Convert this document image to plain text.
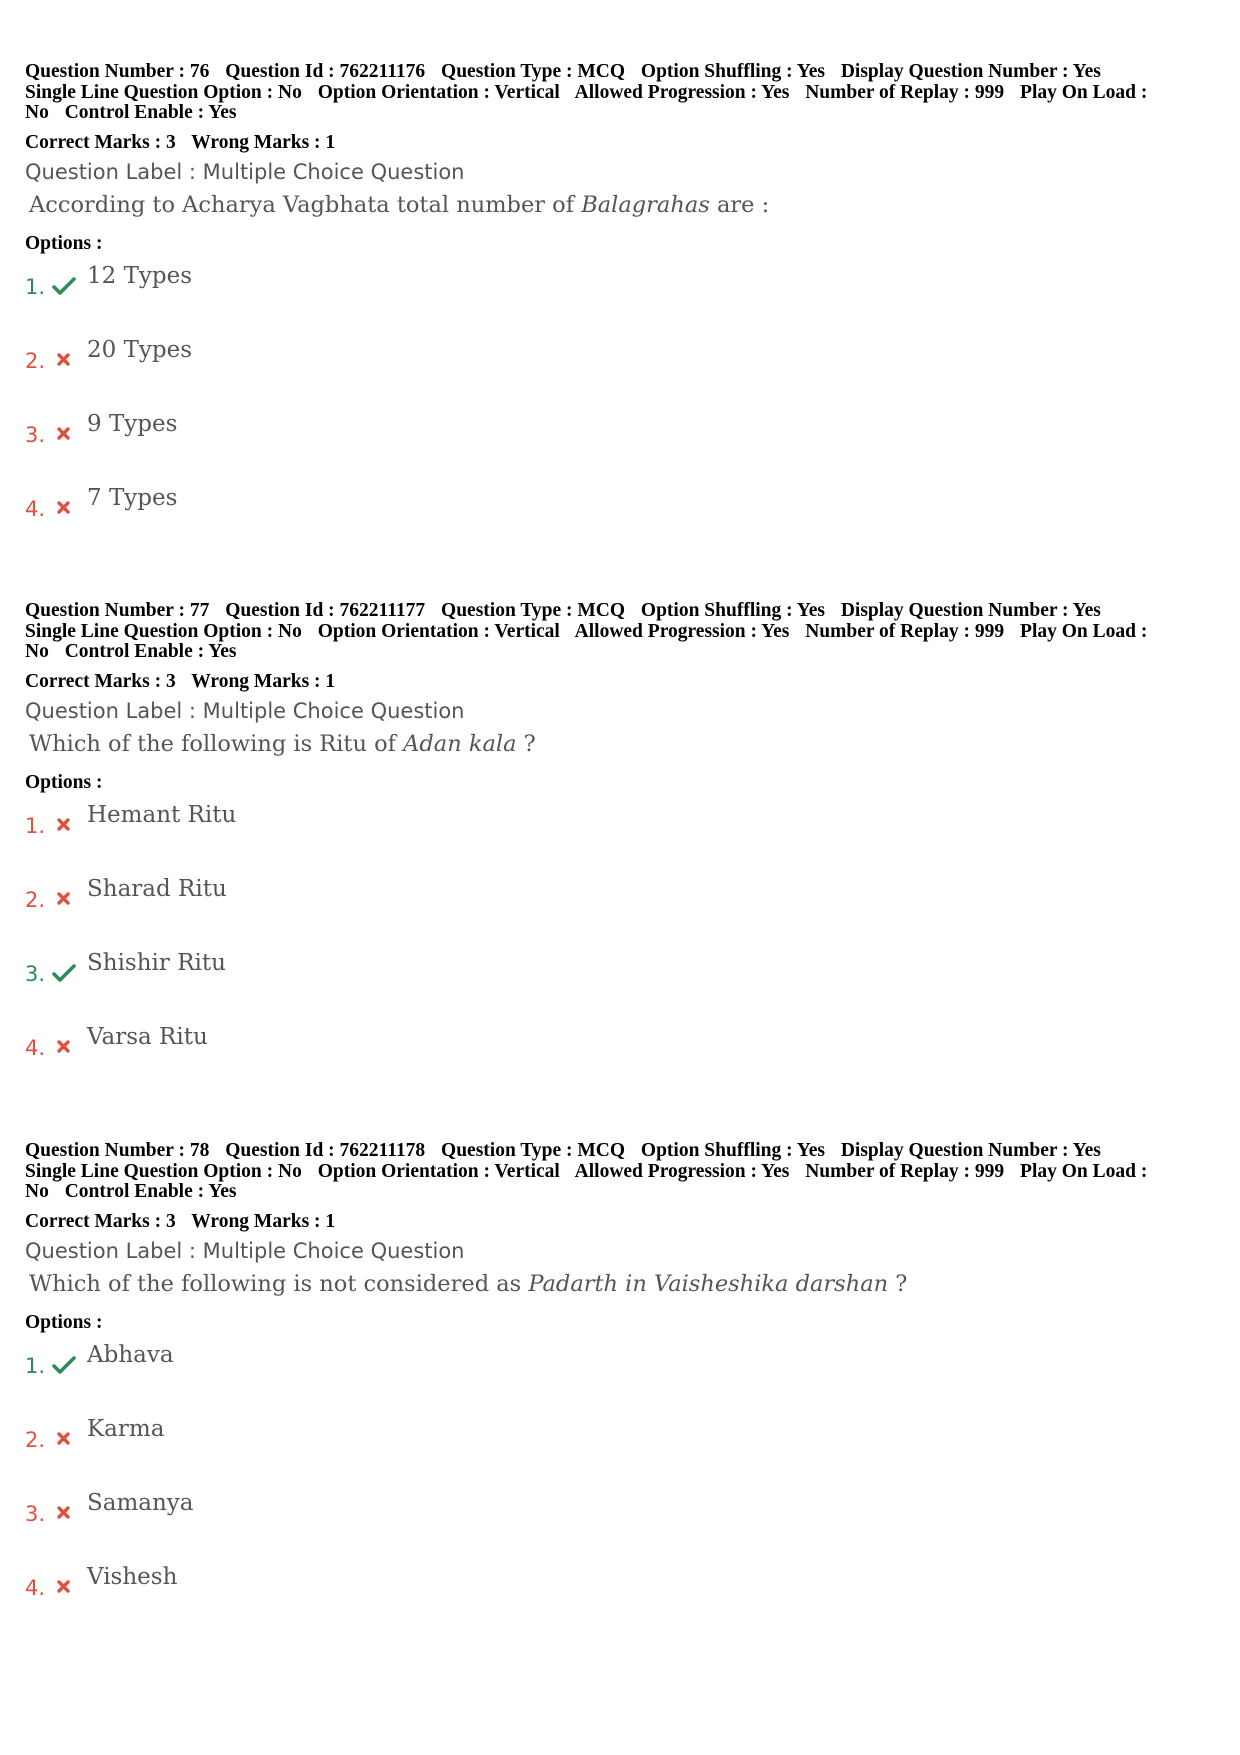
Question Number : 76 Question Id : 762211176 Question Type : MCQ Option Shuffling : Yes Display Question Number : Yes
Single Line Question Option : No Option Orientation : Vertical Allowed Progression : Yes Number of Replay : 999 Play On Load :
No Control Enable : Yes
Correct Marks : 3 Wrong Marks : 1
Question Label : Multiple Choice Question
According to Acharya Vagbhata total number of Balagrahas are :
Options :
1. 12 Types
2. 20 Types
3. 9 Types
4. 7 Types
Question Number : 77 Question Id : 762211177 Question Type : MCQ Option Shuffling : Yes Display Question Number : Yes
Single Line Question Option : No Option Orientation : Vertical Allowed Progression : Yes Number of Replay : 999 Play On Load :
No Control Enable : Yes
Correct Marks : 3 Wrong Marks : 1
Question Label : Multiple Choice Question
Which of the following is Ritu of Adan kala ?
Options :
1. Hemant Ritu
2. Sharad Ritu
3. Shishir Ritu
4. Varsa Ritu
Question Number : 78 Question Id : 762211178 Question Type : MCQ Option Shuffling : Yes Display Question Number : Yes
Single Line Question Option : No Option Orientation : Vertical Allowed Progression : Yes Number of Replay : 999 Play On Load :
No Control Enable : Yes
Correct Marks : 3 Wrong Marks : 1
Question Label : Multiple Choice Question
Which of the following is not considered as Padarth in Vaisheshika darshan ?
Options :
1. Abhava
2. Karma
3. Samanya
4. Vishesh
